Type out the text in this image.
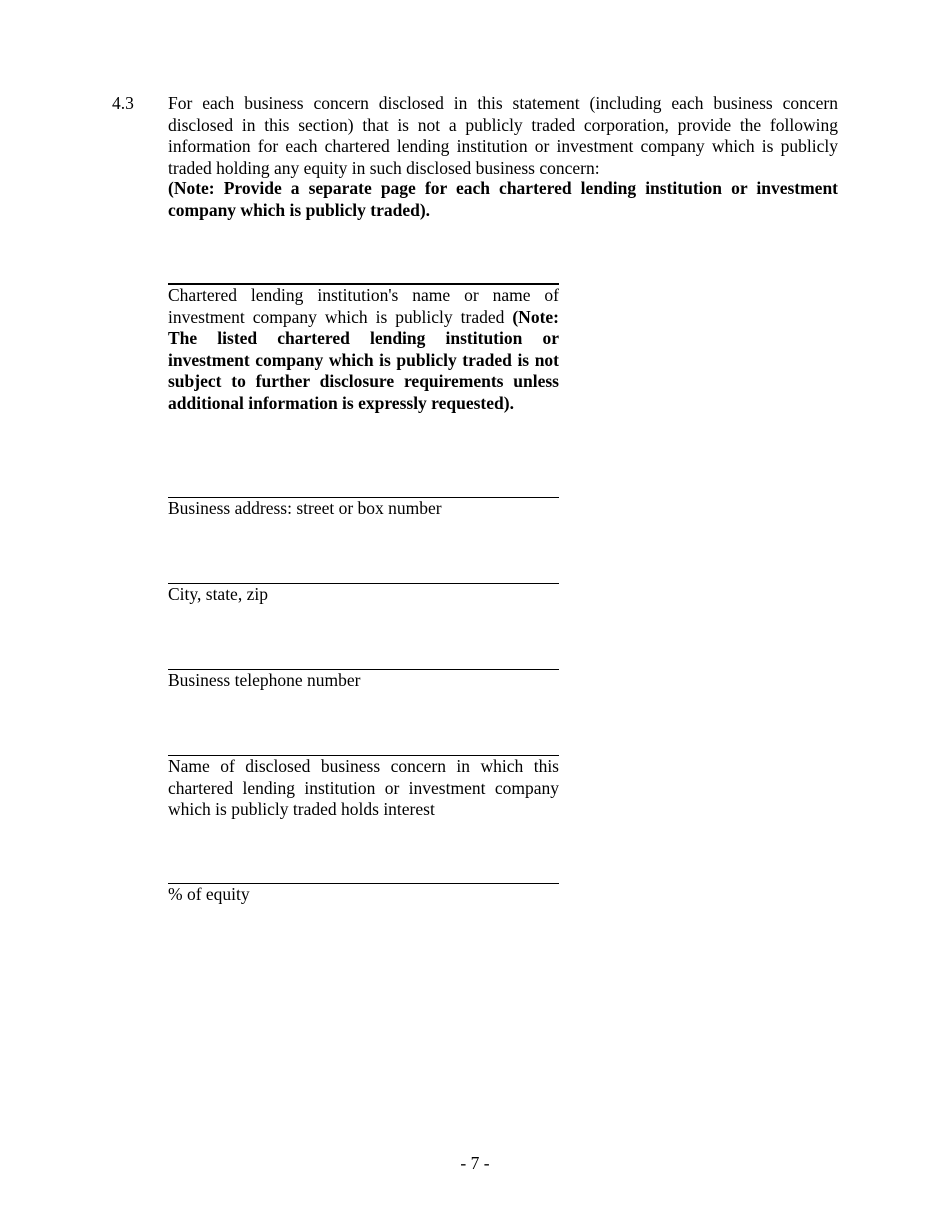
4.3 For each business concern disclosed in this statement (including each business concern disclosed in this section) that is not a publicly traded corporation, provide the following information for each chartered lending institution or investment company which is publicly traded holding any equity in such disclosed business concern:

(Note: Provide a separate page for each chartered lending institution or investment company which is publicly traded).

Chartered lending institution's name or name of investment company which is publicly traded (Note: The listed chartered lending institution or investment company which is publicly traded is not subject to further disclosure requirements unless additional information is expressly requested).

Business address: street or box number

City, state, zip

Business telephone number

Name of disclosed business concern in which this chartered lending institution or investment company which is publicly traded holds interest

% of equity

- 7 -
